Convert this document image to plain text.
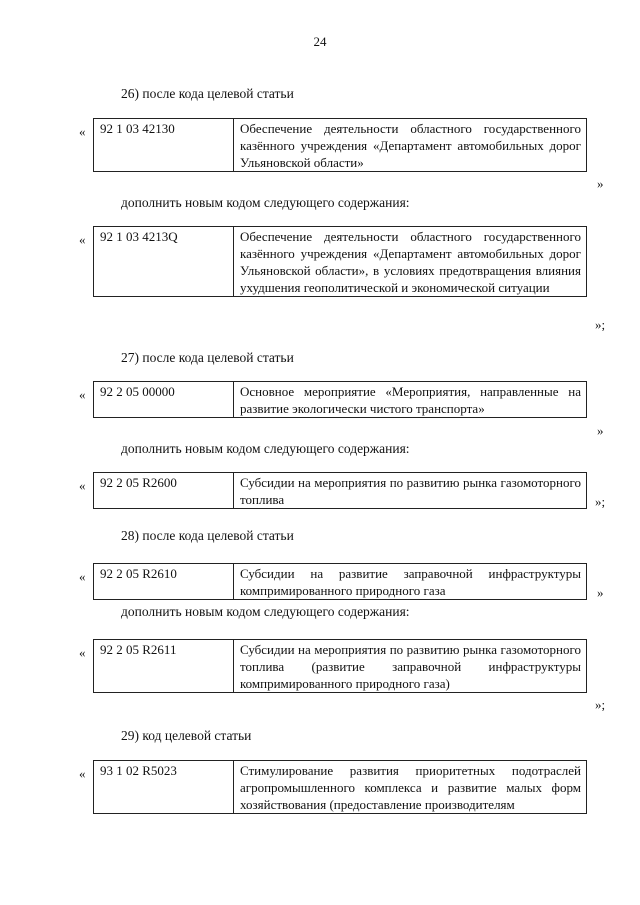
24
26) после кода целевой статьи
« 92 1 03 42130	Обеспечение деятельности областного государственного казённого учреждения «Департамент автомобильных дорог Ульяновской области»
»
дополнить новым кодом следующего содержания:
« 92 1 03 4213Q	Обеспечение деятельности областного государственного казённого учреждения «Департамент автомобильных дорог Ульяновской области», в условиях предотвращения влияния ухудшения геополитической и экономической ситуации
»;
27) после кода целевой статьи
« 92 2 05 00000	Основное мероприятие «Мероприятия, направленные на развитие экологически чистого транспорта»
»
дополнить новым кодом следующего содержания:
« 92 2 05 R2600	Субсидии на мероприятия по развитию рынка газомоторного топлива	»;
28) после кода целевой статьи
« 92 2 05 R2610	Субсидии на развитие заправочной инфраструктуры компримированного природного газа	»
дополнить новым кодом следующего содержания:
« 92 2 05 R2611	Субсидии на мероприятия по развитию рынка газомоторного топлива (развитие заправочной инфраструктуры компримированного природного газа)
»;
29) код целевой статьи
« 93 1 02 R5023	Стимулирование развития приоритетных подотраслей агропромышленного комплекса и развитие малых форм хозяйствования (предоставление производителям
